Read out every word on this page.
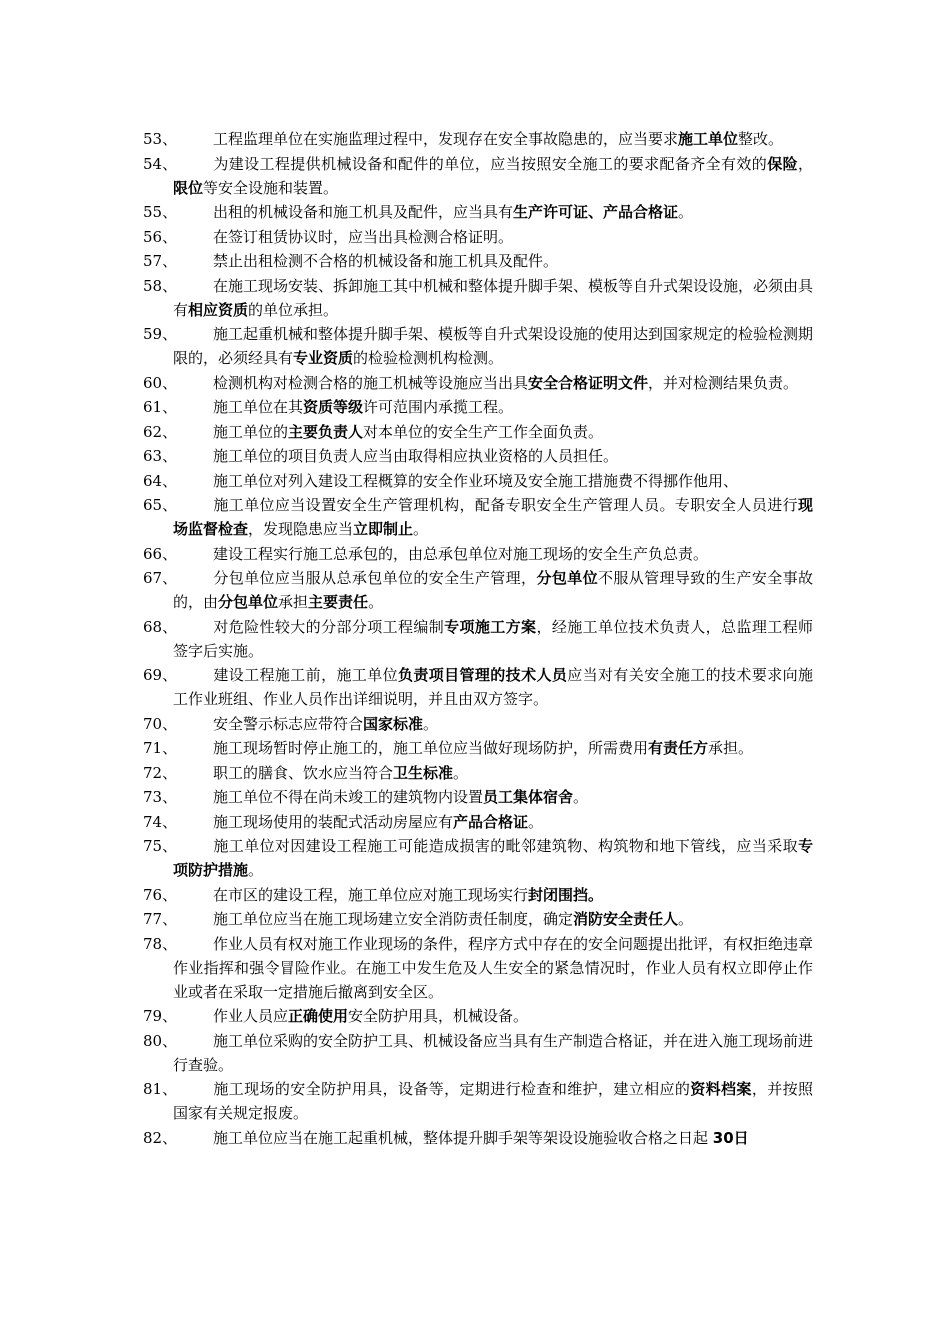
53、	工程监理单位在实施监理过程中，发现存在安全事故隐患的，应当要求施工单位整改。
54、	为建设工程提供机械设备和配件的单位，应当按照安全施工的要求配备齐全有效的保险，限位等安全设施和装置。
55、	出租的机械设备和施工机具及配件，应当具有生产许可证、产品合格证。
56、	在签订租赁协议时，应当出具检测合格证明。
57、	禁止出租检测不合格的机械设备和施工机具及配件。
58、	在施工现场安装、拆卸施工其中机械和整体提升脚手架、模板等自升式架设设施，必须由具有相应资质的单位承担。
59、	施工起重机械和整体提升脚手架、模板等自升式架设设施的使用达到国家规定的检验检测期限的，必须经具有专业资质的检验检测机构检测。
60、	检测机构对检测合格的施工机械等设施应当出具安全合格证明文件，并对检测结果负责。
61、	施工单位在其资质等级许可范围内承揽工程。
62、	施工单位的主要负责人对本单位的安全生产工作全面负责。
63、	施工单位的项目负责人应当由取得相应执业资格的人员担任。
64、	施工单位对列入建设工程概算的安全作业环境及安全施工措施费不得挪作他用、
65、	施工单位应当设置安全生产管理机构，配备专职安全生产管理人员。专职安全人员进行现场监督检查，发现隐患应当立即制止。
66、	建设工程实行施工总承包的，由总承包单位对施工现场的安全生产负总责。
67、	分包单位应当服从总承包单位的安全生产管理，分包单位不服从管理导致的生产安全事故的，由分包单位承担主要责任。
68、	对危险性较大的分部分项工程编制专项施工方案，经施工单位技术负责人，总监理工程师签字后实施。
69、	建设工程施工前，施工单位负责项目管理的技术人员应当对有关安全施工的技术要求向施工作业班组、作业人员作出详细说明，并且由双方签字。
70、	安全警示标志应带符合国家标准。
71、	施工现场暂时停止施工的，施工单位应当做好现场防护，所需费用有责任方承担。
72、	职工的膳食、饮水应当符合卫生标准。
73、	施工单位不得在尚未竣工的建筑物内设置员工集体宿舍。
74、	施工现场使用的装配式活动房屋应有产品合格证。
75、	施工单位对因建设工程施工可能造成损害的毗邻建筑物、构筑物和地下管线，应当采取专项防护措施。
76、	在市区的建设工程，施工单位应对施工现场实行封闭围挡。
77、	施工单位应当在施工现场建立安全消防责任制度，确定消防安全责任人。
78、	作业人员有权对施工作业现场的条件，程序方式中存在的安全问题提出批评，有权拒绝违章作业指挥和强令冒险作业。在施工中发生危及人生安全的紧急情况时，作业人员有权立即停止作业或者在采取一定措施后撤离到安全区。
79、	作业人员应正确使用安全防护用具，机械设备。
80、	施工单位采购的安全防护工具、机械设备应当具有生产制造合格证，并在进入施工现场前进行查验。
81、	施工现场的安全防护用具，设备等，定期进行检查和维护，建立相应的资料档案，并按照国家有关规定报废。
82、	施工单位应当在施工起重机械，整体提升脚手架等架设设施验收合格之日起 30日
